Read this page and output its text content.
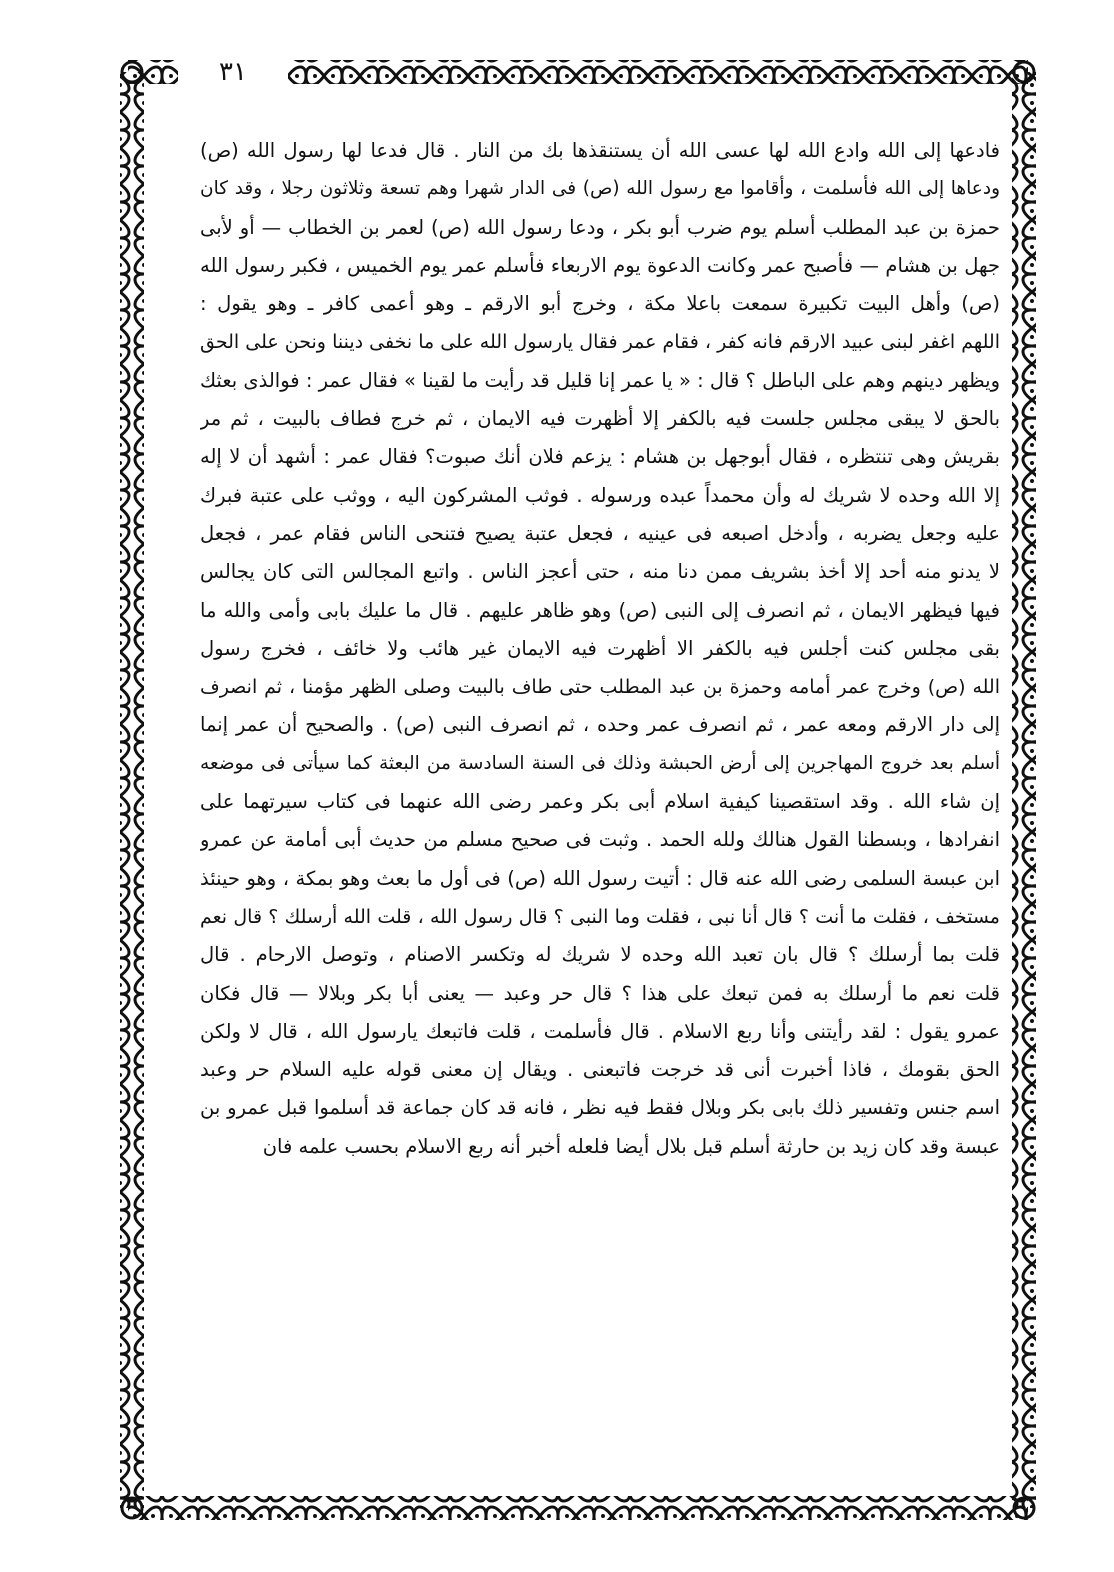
٣١
فادعها إلى الله وادع الله لها عسى الله أن يستنقذها بك من النار . قال فدعا لها رسول الله (ص)
ودعاها إلى الله فأسلمت ، وأقاموا مع رسول الله (ص) فى الدار شهرا وهم تسعة وثلاثون رجلا ، وقد كان
حمزة بن عبد المطلب أسلم يوم ضرب أبو بكر ، ودعا رسول الله (ص) لعمر بن الخطاب — أو لأبى
جهل بن هشام — فأصبح عمر وكانت الدعوة يوم الاربعاء فأسلم عمر يوم الخميس ، فكبر رسول الله
(ص) وأهل البيت تكبيرة سمعت باعلا مكة ، وخرج أبو الارقم ـ وهو أعمى كافر ـ وهو يقول :
اللهم اغفر لبنى عبيد الارقم فانه كفر ، فقام عمر فقال يارسول الله على ما نخفى ديننا ونحن على الحق
ويظهر دينهم وهم على الباطل ؟ قال : « يا عمر إنا قليل قد رأيت ما لقينا » فقال عمر : فوالذى بعثك
بالحق لا يبقى مجلس جلست فيه بالكفر إلا أظهرت فيه الايمان ، ثم خرج فطاف بالبيت ، ثم مر
بقريش وهى تنتظره ، فقال أبوجهل بن هشام : يزعم فلان أنك صبوت؟ فقال عمر : أشهد أن لا إله
إلا الله وحده لا شريك له وأن محمداً عبده ورسوله . فوثب المشركون اليه ، ووثب على عتبة فبرك
عليه وجعل يضربه ، وأدخل اصبعه فى عينيه ، فجعل عتبة يصيح فتنحى الناس فقام عمر ، فجعل
لا يدنو منه أحد إلا أخذ بشريف ممن دنا منه ، حتى أعجز الناس . واتبع المجالس التى كان يجالس
فيها فيظهر الايمان ، ثم انصرف إلى النبى (ص) وهو ظاهر عليهم . قال ما عليك بابى وأمى والله ما
بقى مجلس كنت أجلس فيه بالكفر الا أظهرت فيه الايمان غير هائب ولا خائف ، فخرج رسول
الله (ص) وخرج عمر أمامه وحمزة بن عبد المطلب حتى طاف بالبيت وصلى الظهر مؤمنا ، ثم انصرف
إلى دار الارقم ومعه عمر ، ثم انصرف عمر وحده ، ثم انصرف النبى (ص) . والصحيح أن عمر إنما
أسلم بعد خروج المهاجرين إلى أرض الحبشة وذلك فى السنة السادسة من البعثة كما سيأتى فى موضعه
إن شاء الله . وقد استقصينا كيفية اسلام أبى بكر وعمر رضى الله عنهما فى كتاب سيرتهما على
انفرادها ، وبسطنا القول هنالك ولله الحمد . وثبت فى صحيح مسلم من حديث أبى أمامة عن عمرو
ابن عبسة السلمى رضى الله عنه قال : أتيت رسول الله (ص) فى أول ما بعث وهو بمكة ، وهو حينئذ
مستخف ، فقلت ما أنت ؟ قال أنا نبى ، فقلت وما النبى ؟ قال رسول الله ، قلت الله أرسلك ؟ قال نعم
قلت بما أرسلك ؟ قال بان تعبد الله وحده لا شريك له وتكسر الاصنام ، وتوصل الارحام . قال
قلت نعم ما أرسلك به فمن تبعك على هذا ؟ قال حر وعبد — يعنى أبا بكر وبلالا — قال فكان
عمرو يقول : لقد رأيتنى وأنا ربع الاسلام . قال فأسلمت ، قلت فاتبعك يارسول الله ، قال لا ولكن
الحق بقومك ، فاذا أخبرت أنى قد خرجت فاتبعنى . ويقال إن معنى قوله عليه السلام حر وعبد
اسم جنس وتفسير ذلك بابى بكر وبلال فقط فيه نظر ، فانه قد كان جماعة قد أسلموا قبل عمرو بن
عبسة وقد كان زيد بن حارثة أسلم قبل بلال أيضا فلعله أخبر أنه ربع الاسلام بحسب علمه فان
